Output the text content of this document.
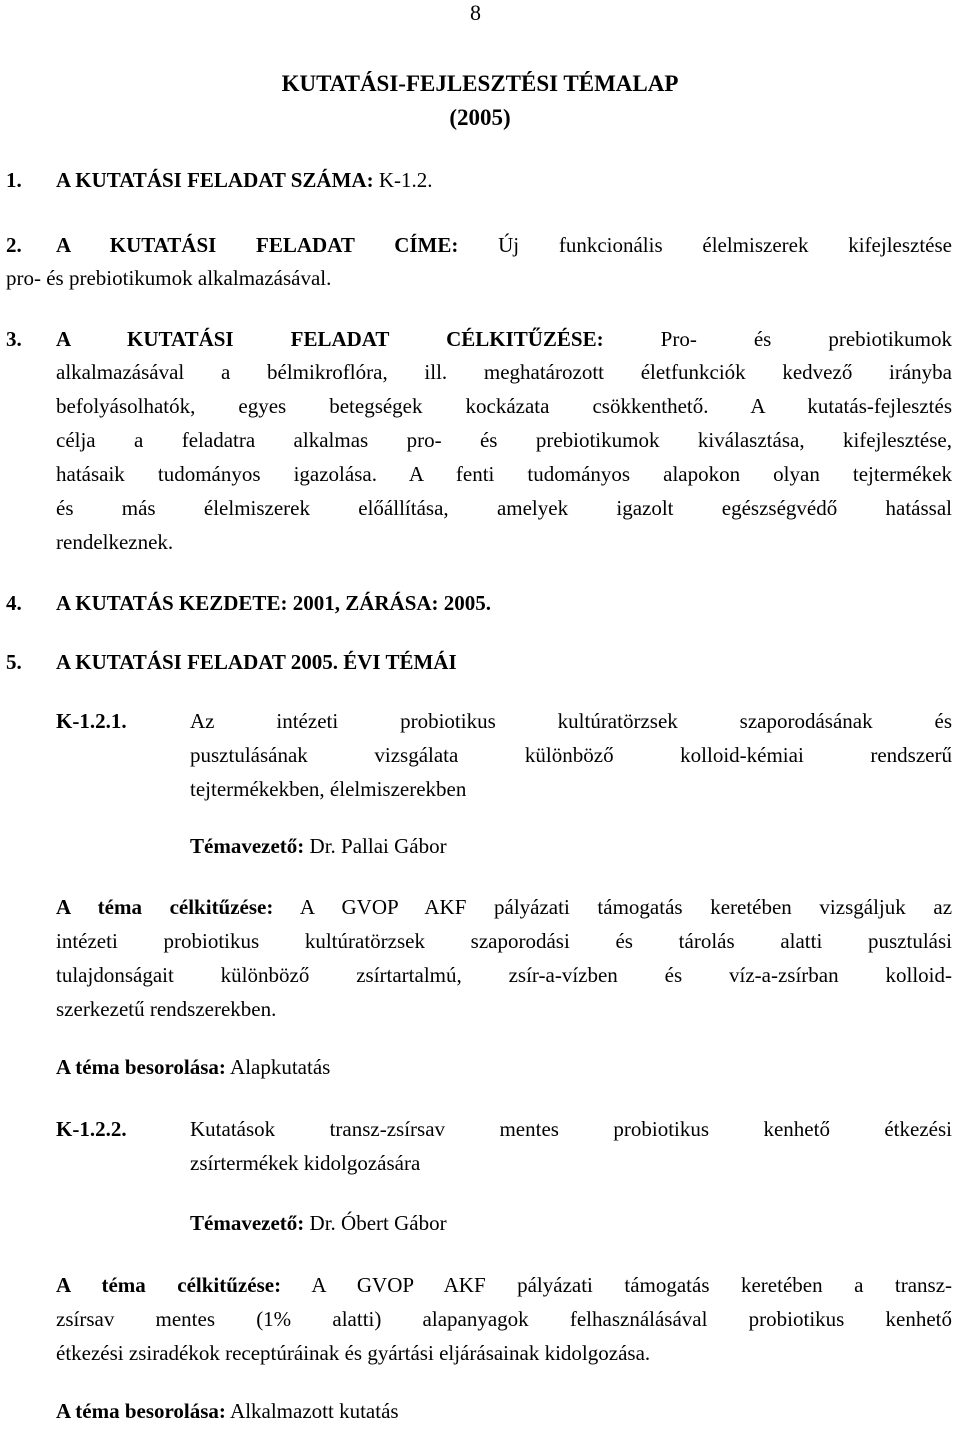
8
KUTATÁSI-FEJLESZTÉSI TÉMALAP
(2005)
1. A KUTATÁSI FELADAT SZÁMA: K-1.2.
2. A KUTATÁSI FELADAT CÍME: Új funkcionális élelmiszerek kifejlesztése
pro- és prebiotikumok alkalmazásával.
3. A KUTATÁSI FELADAT CÉLKITŰZÉSE:	Pro- és prebiotikumok
alkalmazásával a bélmikroflóra, ill. meghatározott életfunkciók kedvező irányba
befolyásolhatók, egyes betegségek kockázata csökkenthető. A kutatás-fejlesztés
célja a feladatra alkalmas pro- és prebiotikumok kiválasztása, kifejlesztése,
hatásaik tudományos igazolása. A fenti tudományos alapokon olyan tejtermékek
és más élelmiszerek előállítása, amelyek igazolt egészségvédő hatással
rendelkeznek.
4. A KUTATÁS KEZDETE: 2001, ZÁRÁSA: 2005.
5. A KUTATÁSI FELADAT 2005. ÉVI TÉMÁI
K-1.2.1.	Az intézeti probiotikus kultúratörzsek szaporodásának és
pusztulásának vizsgálata különböző kolloid-kémiai rendszerű
tejtermékekben, élelmiszerekben
Témavezető: Dr. Pallai Gábor
A téma célkitűzése: A GVOP AKF pályázati támogatás keretében vizsgáljuk az
intézeti probiotikus kultúratörzsek szaporodási és tárolás alatti pusztulási
tulajdonságait különböző zsírtartalmú, zsír-a-vízben és víz-a-zsírban kolloid-
szerkezetű rendszerekben.
A téma besorolása: Alapkutatás
K-1.2.2.	Kutatások transz-zsírsav mentes probiotikus kenhető étkezési
zsírtermékek kidolgozására
Témavezető: Dr. Óbert Gábor
A téma célkitűzése: A GVOP AKF pályázati támogatás keretében a transz-
zsírsav mentes (1% alatti) alapanyagok felhasználásával probiotikus kenhető
étkezési zsiradékok receptúráinak és gyártási eljárásainak kidolgozása.
A téma besorolása: Alkalmazott kutatás
